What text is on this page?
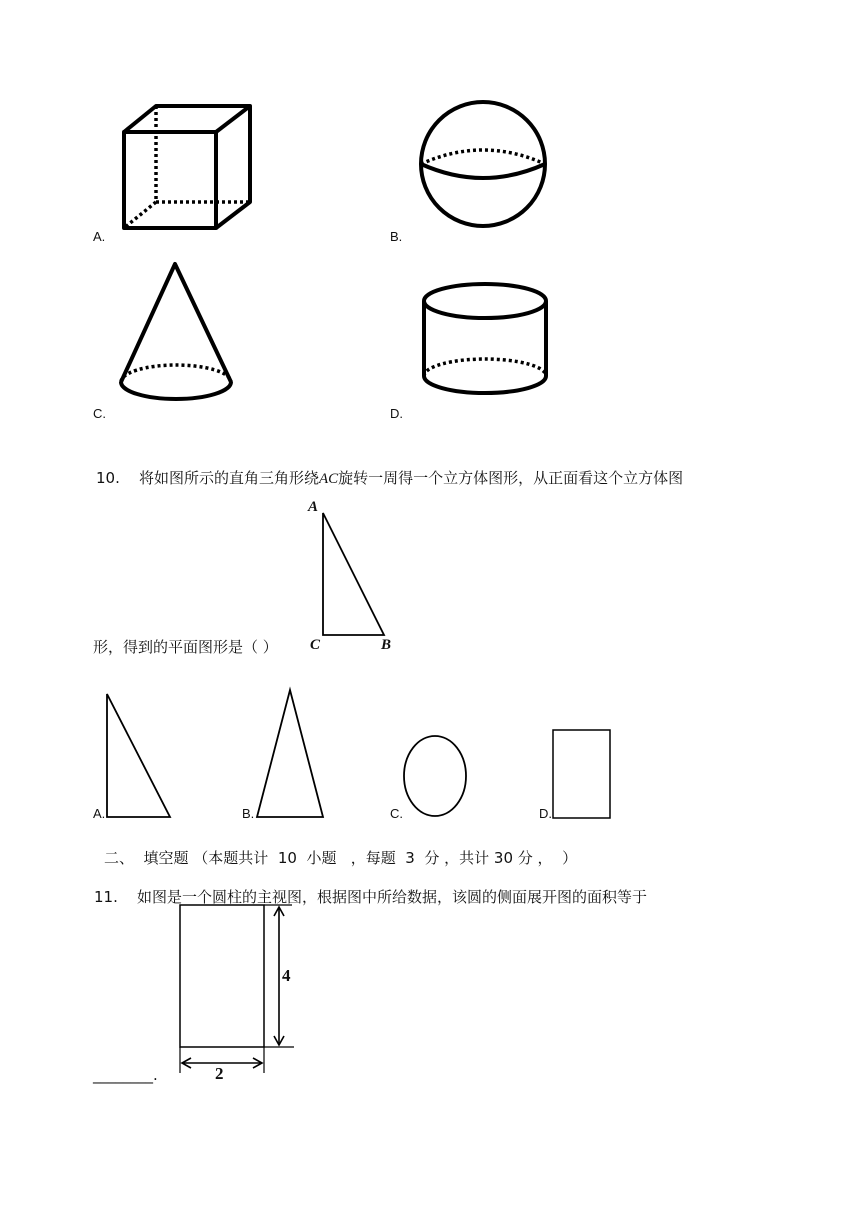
A.	B.
C.	D.
10. 将如图所示的直角三角形绕AC旋转一周得一个立方体图形，从正面看这个立方体图
A
C	B
形，得到的平面图形是（ ）
A.	B.	C.	D.
二、  填空题 （本题共计  10  小题   ，每题  3  分 ，共计 30 分 ，  ）
11. 如图是一个圆柱的主视图，根据图中所给数据，该圆的侧面展开图的面积等于
4
2
________.
